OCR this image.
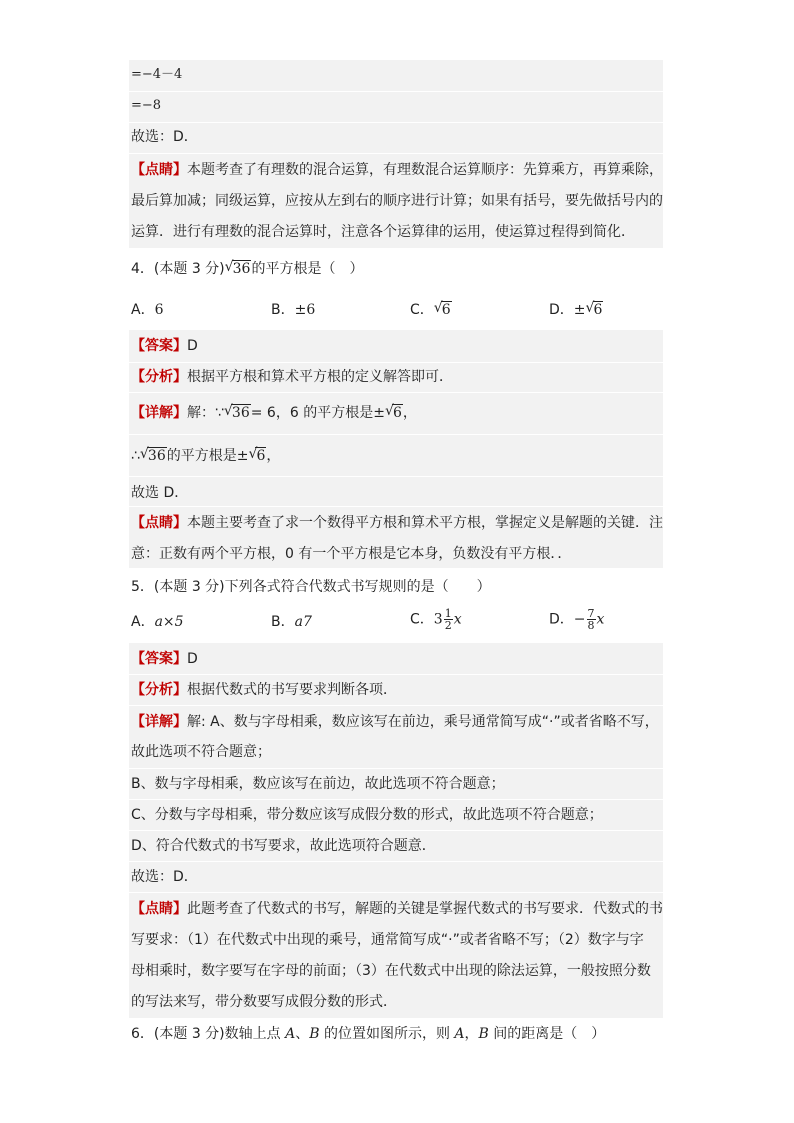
=−4－4
=−8
故选：D．
【点睛】本题考查了有理数的混合运算，有理数混合运算顺序：先算乘方，再算乘除，
最后算加减；同级运算，应按从左到右的顺序进行计算；如果有括号，要先做括号内的
运算．进行有理数的混合运算时，注意各个运算律的运用，使运算过程得到简化．
4．(本题 3 分) √ 36的平方根是（　）
A．6	B．±6	C． √ 6	D．± √ 6
【答案】D
【分析】根据平方根和算术平方根的定义解答即可．
【详解】解：∵ √ 36= 6，6 的平方根是± √ 6，
∴ √ 36的平方根是± √ 6，
故选 D．
【点睛】本题主要考查了求一个数得平方根和算术平方根，掌握定义是解题的关键．注
意：正数有两个平方根，0 有一个平方根是它本身，负数没有平方根．．
5．(本题 3 分)下列各式符合代数式书写规则的是（　　）
A．a×5	B．a7	C．$3 \frac{1}{2}$ x	D．− $\frac{7}{8}$ x
【答案】D
【分析】根据代数式的书写要求判断各项．
【详解】解: A、数与字母相乘，数应该写在前边，乘号通常简写成“·”或者省略不写，
故此选项不符合题意；
B、数与字母相乘，数应该写在前边，故此选项不符合题意；
C、分数与字母相乘，带分数应该写成假分数的形式，故此选项不符合题意；
D、符合代数式的书写要求，故此选项符合题意．
故选：D．
【点睛】此题考查了代数式的书写，解题的关键是掌握代数式的书写要求．代数式的书
写要求：（1）在代数式中出现的乘号，通常简写成“·”或者省略不写；（2）数字与字
母相乘时，数字要写在字母的前面；（3）在代数式中出现的除法运算，一般按照分数
的写法来写，带分数要写成假分数的形式．
6．(本题 3 分)数轴上点 A、B 的位置如图所示，则 A，B 间的距离是（　）
